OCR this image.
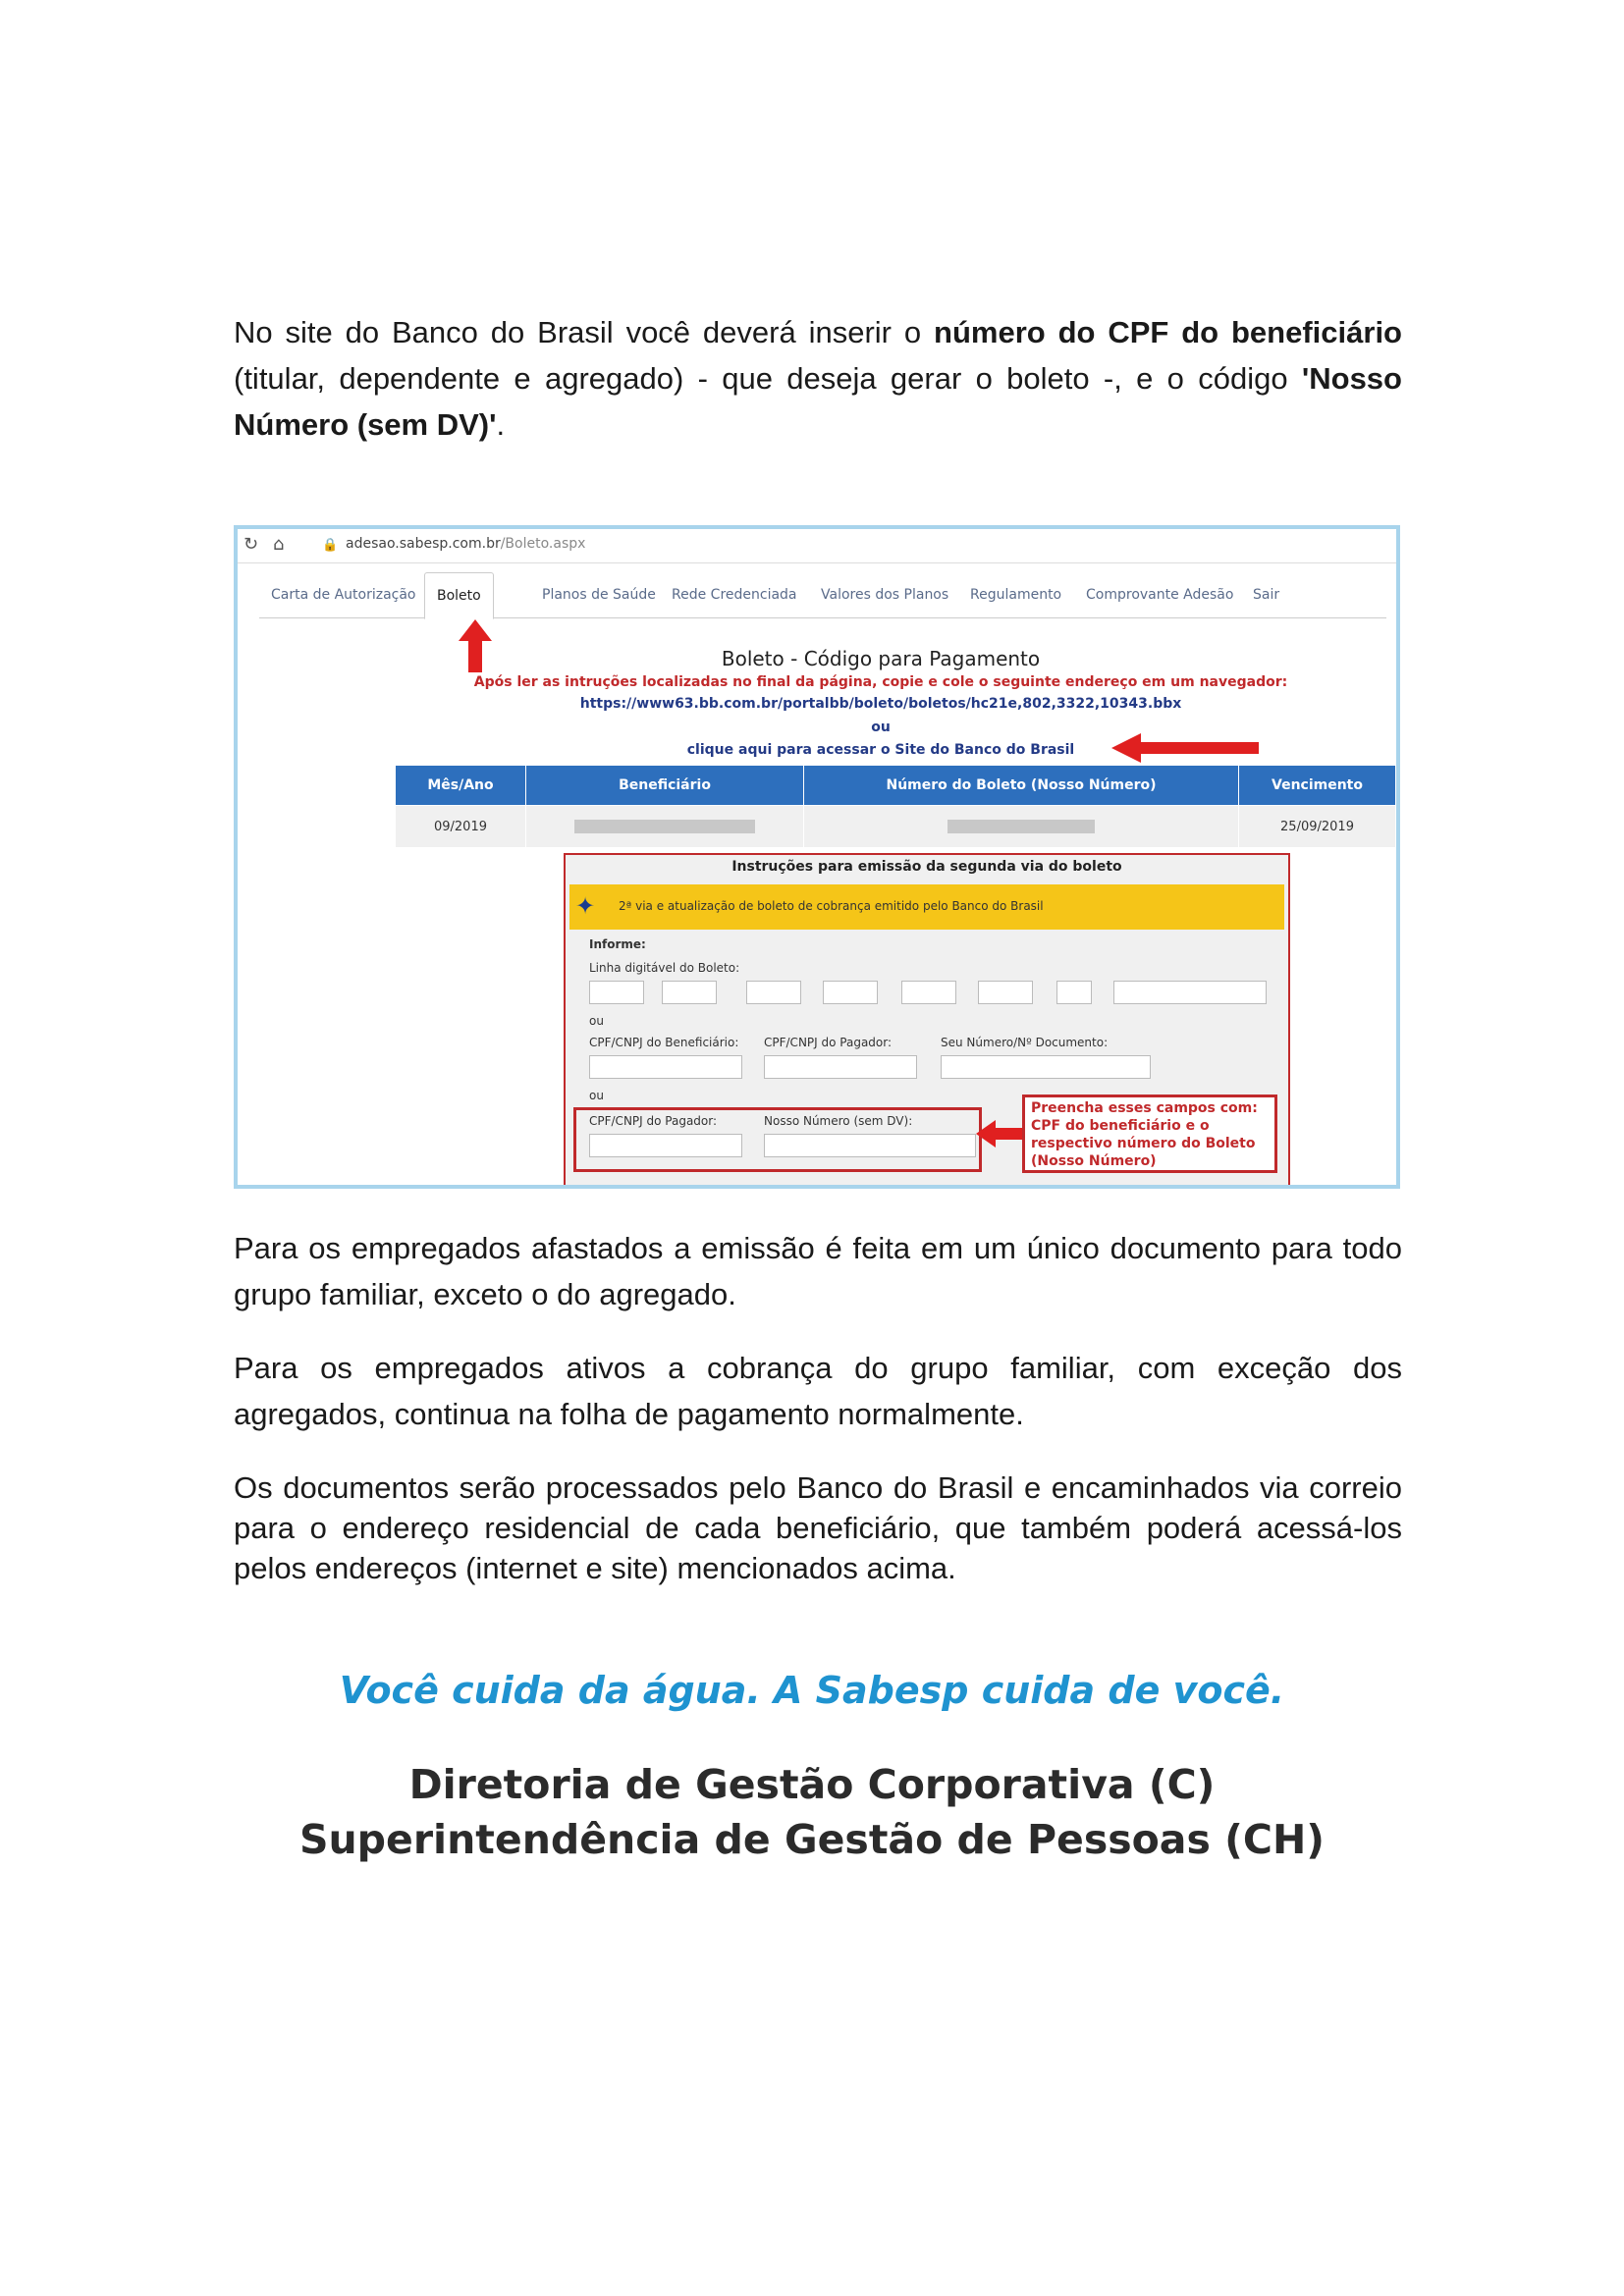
No site do Banco do Brasil você deverá inserir o número do CPF do beneficiário (titular, dependente e agregado) - que deseja gerar o boleto -, e o código 'Nosso Número (sem DV)'.
↻ ⌂	🔒 adesao.sabesp.com.br/Boleto.aspx
Carta de Autorização	Boleto	Planos de Saúde	Rede Credenciada	Valores dos Planos	Regulamento	Comprovante Adesão	Sair
Boleto - Código para Pagamento
Após ler as intruções localizadas no final da página, copie e cole o seguinte endereço em um navegador:
https://www63.bb.com.br/portalbb/boleto/boletos/hc21e,802,3322,10343.bbx
ou
clique aqui para acessar o Site do Banco do Brasil
Mês/Ano	Beneficiário	Número do Boleto (Nosso Número)	Vencimento
09/2019			25/09/2019
Instruções para emissão da segunda via do boleto
✦ 2ª via e atualização de boleto de cobrança emitido pelo Banco do Brasil
Informe:
Linha digitável do Boleto:
ou
CPF/CNPJ do Beneficiário: CPF/CNPJ do Pagador:	Seu Número/Nº Documento:
ou
CPF/CNPJ do Pagador:	Nosso Número (sem DV):
Preencha esses campos com:
CPF do beneficiário e o
respectivo número do Boleto
(Nosso Número)
Para os empregados afastados a emissão é feita em um único documento para todo grupo familiar, exceto o do agregado.
Para os empregados ativos a cobrança do grupo familiar, com exceção dos agregados, continua na folha de pagamento normalmente.
Os documentos serão processados pelo Banco do Brasil e encaminhados via correio para o endereço residencial de cada beneficiário, que também poderá acessá-los pelos endereços (internet e site) mencionados acima.
Você cuida da água. A Sabesp cuida de você.
Diretoria de Gestão Corporativa (C)
Superintendência de Gestão de Pessoas (CH)
